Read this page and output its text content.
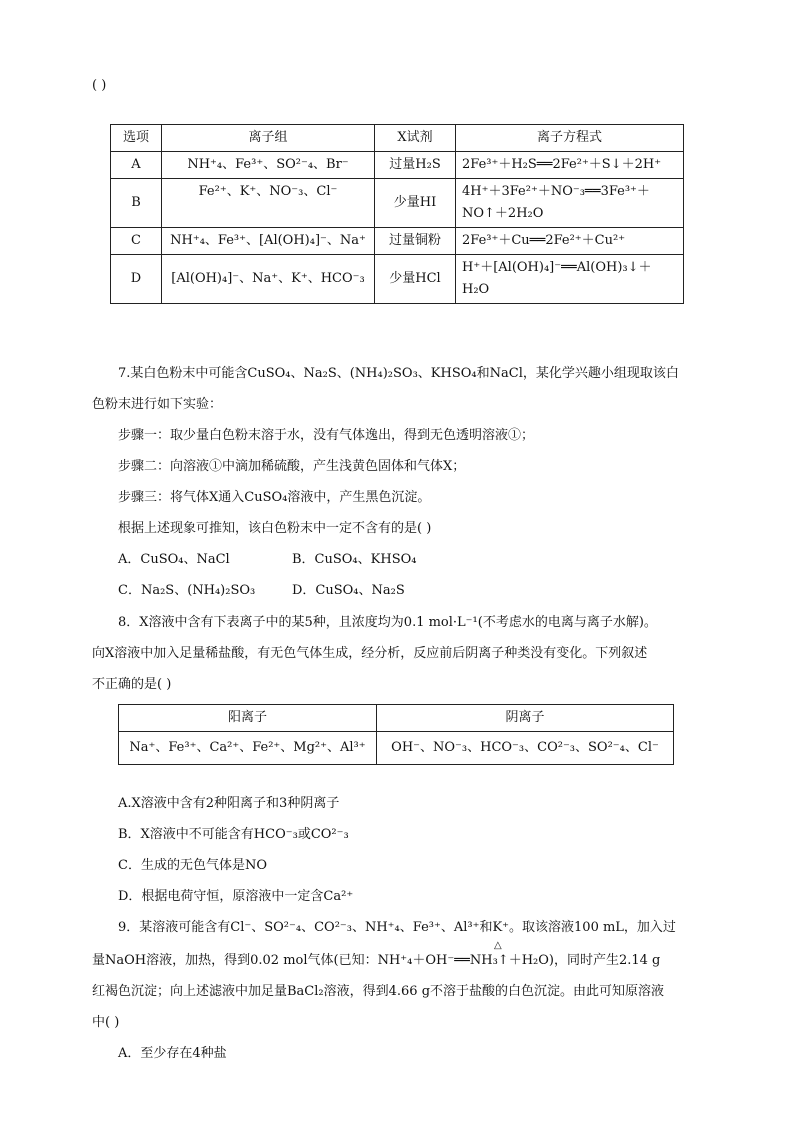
( )
选项	离子组	X试剂	离子方程式
A	NH⁺₄、Fe³⁺、SO²⁻₄、Br⁻	过量H₂S	2Fe³⁺＋H₂S══2Fe²⁺＋S↓＋2H⁺
B	Fe²⁺、K⁺、NO⁻₃、Cl⁻	少量HI	4H⁺＋3Fe²⁺＋NO⁻₃══3Fe³⁺＋
NO↑＋2H₂O

C	NH⁺₄、Fe³⁺、[Al(OH)₄]⁻、Na⁺	过量铜粉	2Fe³⁺＋Cu══2Fe²⁺＋Cu²⁺
D	[Al(OH)₄]⁻、Na⁺、K⁺、HCO⁻₃	少量HCl	H⁺＋[Al(OH)₄]⁻══Al(OH)₃↓＋
H₂O
7.某白色粉末中可能含CuSO₄、Na₂S、(NH₄)₂SO₃、KHSO₄和NaCl，某化学兴趣小组现取该白
色粉末进行如下实验：
步骤一：取少量白色粉末溶于水，没有气体逸出，得到无色透明溶液①；
步骤二：向溶液①中滴加稀硫酸，产生浅黄色固体和气体X；
步骤三：将气体X通入CuSO₄溶液中，产生黑色沉淀。
根据上述现象可推知，该白色粉末中一定不含有的是( )
A．CuSO₄、NaCl	B．CuSO₄、KHSO₄
C．Na₂S、(NH₄)₂SO₃	D．CuSO₄、Na₂S
8．X溶液中含有下表离子中的某5种，且浓度均为0.1 mol·L⁻¹(不考虑水的电离与离子水解)。
向X溶液中加入足量稀盐酸，有无色气体生成，经分析，反应前后阴离子种类没有变化。下列叙述
不正确的是( )
阳离子	阴离子
Na⁺、Fe³⁺、Ca²⁺、Fe²⁺、Mg²⁺、Al³⁺	OH⁻、NO⁻₃、HCO⁻₃、CO²⁻₃、SO²⁻₄、Cl⁻
A.X溶液中含有2种阳离子和3种阴离子
B．X溶液中不可能含有HCO⁻₃或CO²⁻₃
C．生成的无色气体是NO
D．根据电荷守恒，原溶液中一定含Ca²⁺
9．某溶液可能含有Cl⁻、SO²⁻₄、CO²⁻₃、NH⁺₄、Fe³⁺、Al³⁺和K⁺。取该溶液100 mL，加入过
△
量NaOH溶液，加热，得到0.02 mol气体(已知：NH⁺₄＋OH⁻══NH₃↑＋H₂O)，同时产生2.14 g
红褐色沉淀；向上述滤液中加足量BaCl₂溶液，得到4.66 g不溶于盐酸的白色沉淀。由此可知原溶液
中( )
A．至少存在4种盐
